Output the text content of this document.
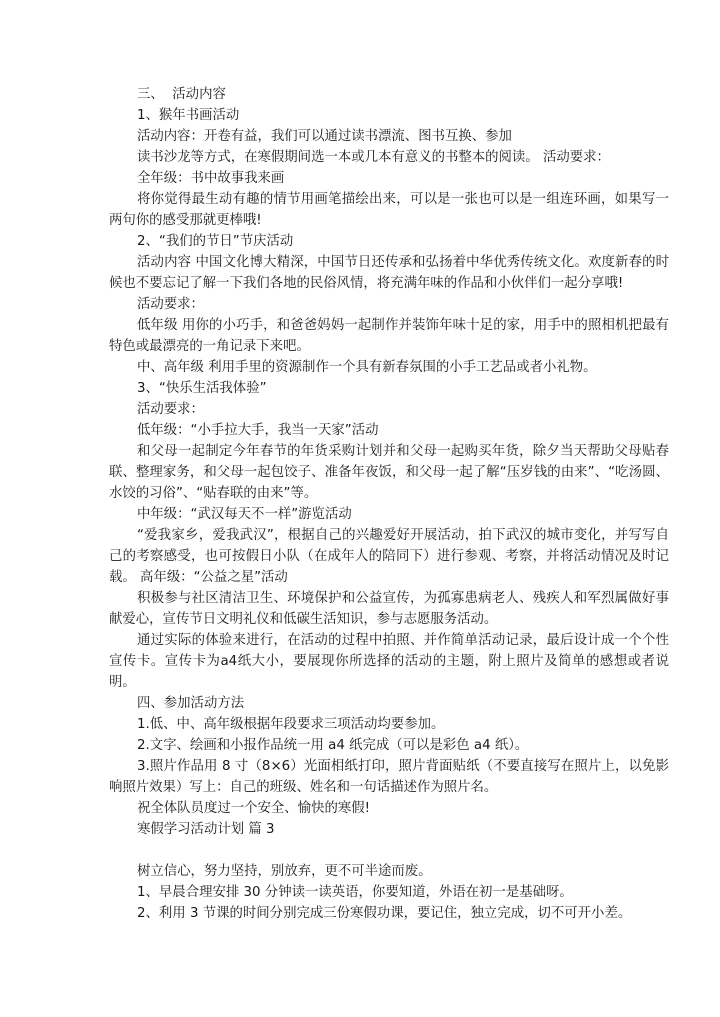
三、  活动内容
1、猴年书画活动
活动内容：开卷有益，我们可以通过读书漂流、图书互换、参加
读书沙龙等方式，在寒假期间选一本或几本有意义的书整本的阅读。 活动要求：
全年级：书中故事我来画
将你觉得最生动有趣的情节用画笔描绘出来，可以是一张也可以是一组连环画，如果写一两句你的感受那就更棒哦!
2、“我们的节日”节庆活动
活动内容 中国文化博大精深，中国节日还传承和弘扬着中华优秀传统文化。欢度新春的时候也不要忘记了解一下我们各地的民俗风情，将充满年味的作品和小伙伴们一起分享哦!
活动要求：
低年级 用你的小巧手，和爸爸妈妈一起制作并装饰年味十足的家，用手中的照相机把最有特色或最漂亮的一角记录下来吧。
中、高年级 利用手里的资源制作一个具有新春氛围的小手工艺品或者小礼物。
3、“快乐生活我体验”
活动要求：
低年级：“小手拉大手，我当一天家”活动
和父母一起制定今年春节的年货采购计划并和父母一起购买年货，除夕当天帮助父母贴春联、整理家务，和父母一起包饺子、准备年夜饭，和父母一起了解“压岁钱的由来”、“吃汤圆、水饺的习俗”、“贴春联的由来”等。
中年级：“武汉每天不一样”游览活动
“爱我家乡，爱我武汉”，根据自己的兴趣爱好开展活动，拍下武汉的城市变化，并写写自己的考察感受，也可按假日小队（在成年人的陪同下）进行参观、考察，并将活动情况及时记载。 高年级：“公益之星”活动
积极参与社区清洁卫生、环境保护和公益宣传，为孤寡患病老人、残疾人和军烈属做好事献爱心，宣传节日文明礼仪和低碳生活知识，参与志愿服务活动。
通过实际的体验来进行，在活动的过程中拍照、并作简单活动记录，最后设计成一个个性宣传卡。宣传卡为a4纸大小，要展现你所选择的活动的主题，附上照片及简单的感想或者说明。
四、参加活动方法
1.低、中、高年级根据年段要求三项活动均要参加。
2.文字、绘画和小报作品统一用 a4 纸完成（可以是彩色 a4 纸）。
3.照片作品用 8 寸（8×6）光面相纸打印，照片背面贴纸（不要直接写在照片上，以免影响照片效果）写上：自己的班级、姓名和一句话描述作为照片名。
祝全体队员度过一个安全、愉快的寒假!
寒假学习活动计划 篇 3
树立信心，努力坚持，别放弃，更不可半途而废。
1、早晨合理安排 30 分钟读一读英语，你要知道，外语在初一是基础呀。
2、利用 3 节课的时间分别完成三份寒假功课，要记住，独立完成，切不可开小差。
